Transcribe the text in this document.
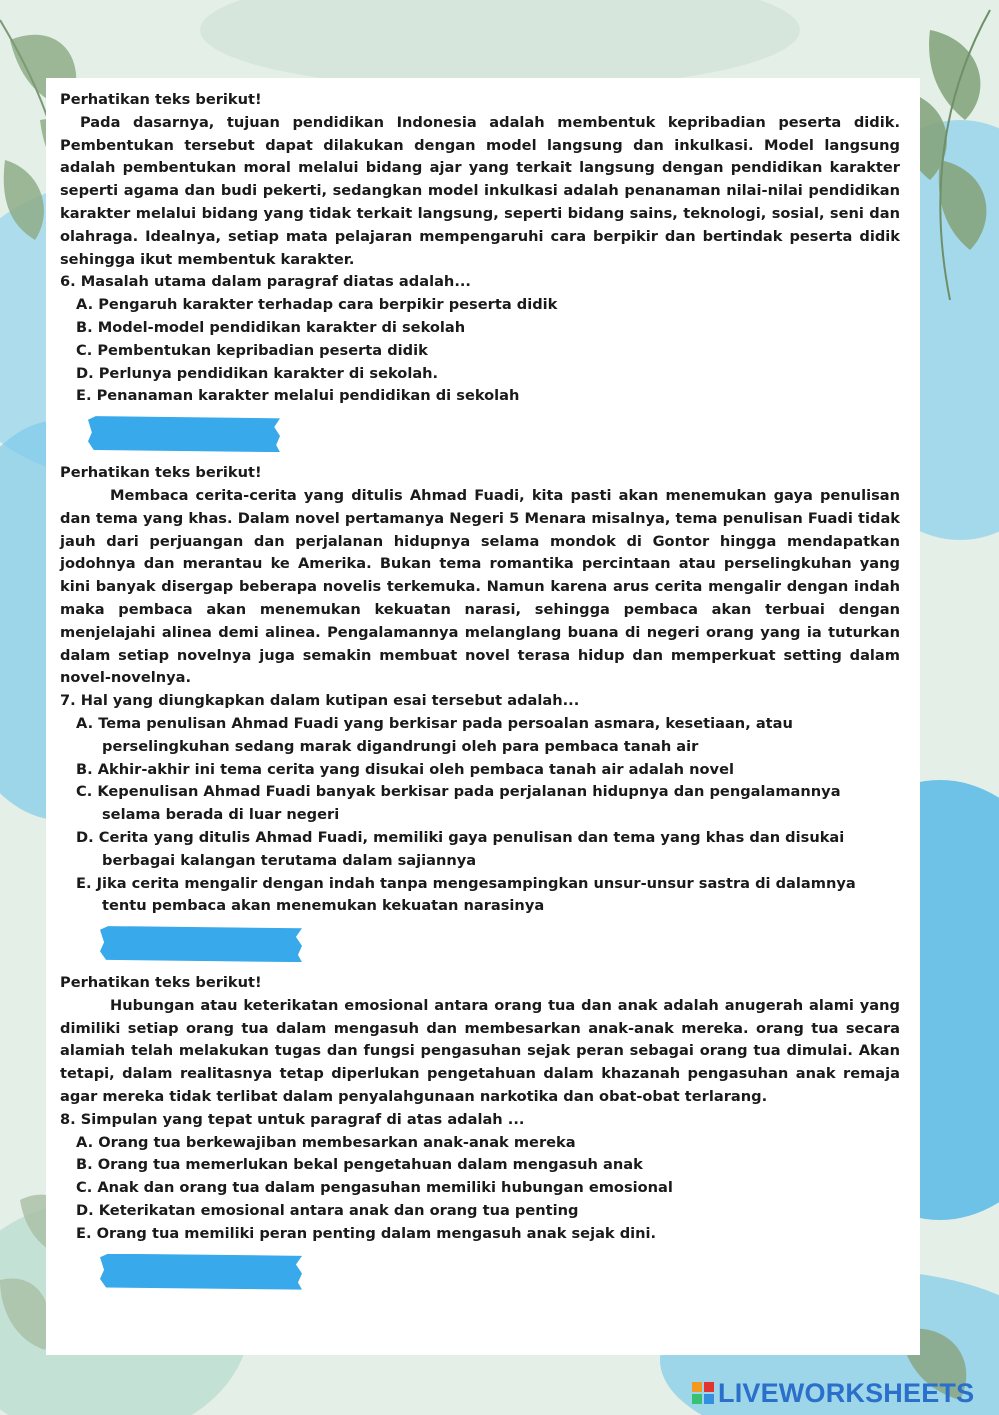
Perhatikan teks berikut!

Pada dasarnya, tujuan pendidikan Indonesia adalah membentuk kepribadian peserta didik. Pembentukan tersebut dapat dilakukan dengan model langsung dan inkulkasi. Model langsung adalah pembentukan moral melalui bidang ajar yang terkait langsung dengan pendidikan karakter seperti agama dan budi pekerti, sedangkan model inkulkasi adalah penanaman nilai-nilai pendidikan karakter melalui bidang yang tidak terkait langsung, seperti bidang sains, teknologi, sosial, seni dan olahraga. Idealnya, setiap mata pelajaran mempengaruhi cara berpikir dan bertindak peserta didik sehingga ikut membentuk karakter.

6. Masalah utama dalam paragraf diatas adalah...

A. Pengaruh karakter terhadap cara berpikir peserta didik
B. Model-model pendidikan karakter di sekolah
C. Pembentukan kepribadian peserta didik
D. Perlunya pendidikan karakter di sekolah.
E. Penanaman karakter melalui pendidikan di sekolah

Perhatikan teks berikut!

Membaca cerita-cerita yang ditulis Ahmad Fuadi, kita pasti akan menemukan gaya penulisan dan tema yang khas. Dalam novel pertamanya Negeri 5 Menara misalnya, tema penulisan Fuadi tidak jauh dari perjuangan dan perjalanan hidupnya selama mondok di Gontor hingga mendapatkan jodohnya dan merantau ke Amerika. Bukan tema romantika percintaan atau perselingkuhan yang kini banyak disergap beberapa novelis terkemuka. Namun karena arus cerita mengalir dengan indah maka pembaca akan menemukan kekuatan narasi, sehingga pembaca akan terbuai dengan menjelajahi alinea demi alinea. Pengalamannya melanglang buana di negeri orang yang ia tuturkan dalam setiap novelnya juga semakin membuat novel terasa hidup dan memperkuat setting dalam novel-novelnya.

7. Hal yang diungkapkan dalam kutipan esai tersebut adalah...

A. Tema penulisan Ahmad Fuadi yang berkisar pada persoalan asmara, kesetiaan, atau perselingkuhan sedang marak digandrungi oleh para pembaca tanah air
B. Akhir-akhir ini tema cerita yang disukai oleh pembaca tanah air adalah novel
C. Kepenulisan Ahmad Fuadi banyak berkisar pada perjalanan hidupnya dan pengalamannya selama berada di luar negeri
D. Cerita yang ditulis Ahmad Fuadi, memiliki gaya penulisan dan tema yang khas dan disukai berbagai kalangan terutama dalam sajiannya
E. Jika cerita mengalir dengan indah tanpa mengesampingkan unsur-unsur sastra di dalamnya tentu pembaca akan menemukan kekuatan narasinya

Perhatikan teks berikut!

Hubungan atau keterikatan emosional antara orang tua dan anak adalah anugerah alami yang dimiliki setiap orang tua dalam mengasuh dan membesarkan anak-anak mereka. orang tua secara alamiah telah melakukan tugas dan fungsi pengasuhan sejak peran sebagai orang tua dimulai. Akan tetapi, dalam realitasnya tetap diperlukan pengetahuan dalam khazanah pengasuhan anak remaja agar mereka tidak terlibat dalam penyalahgunaan narkotika dan obat-obat terlarang.

8. Simpulan yang tepat untuk paragraf di atas adalah ...

A. Orang tua berkewajiban membesarkan anak-anak mereka
B. Orang tua memerlukan bekal pengetahuan dalam mengasuh anak
C. Anak dan orang tua dalam pengasuhan memiliki hubungan emosional
D. Keterikatan emosional antara anak dan orang tua penting
E. Orang tua memiliki peran penting dalam mengasuh anak sejak dini.
LIVEWORKSHEETS
